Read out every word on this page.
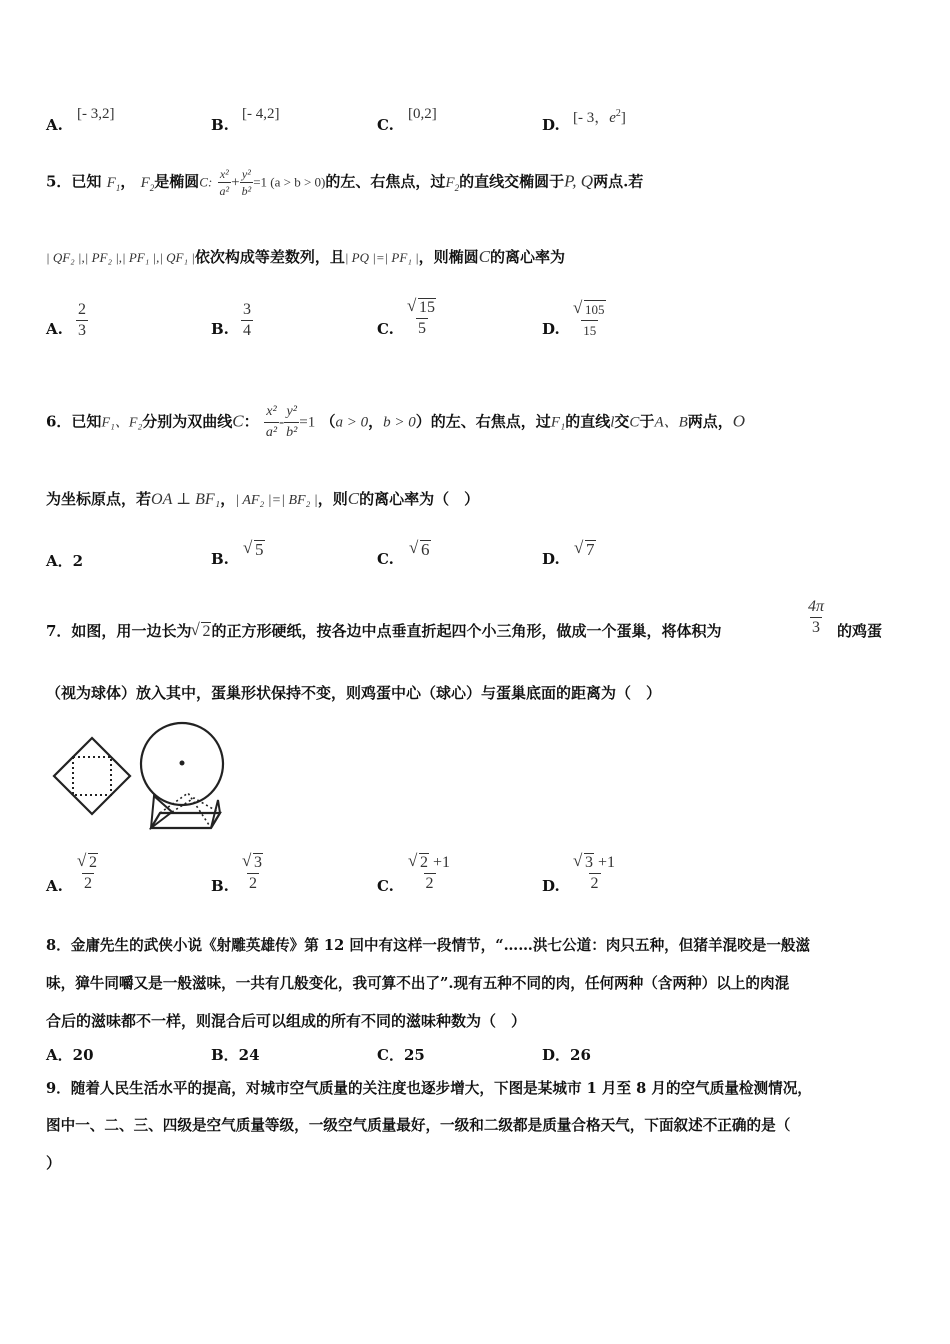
A.
[- 3,2]
B.
[- 4,2]
C.
[0,2]
D. [- 3，$e^2$]
5．已知 $F_1$， $F_2$是椭圆C: $\frac{\text{x²}}{\text{a²}} + \frac{\text{y²}}{\text{b²}} =1$ (a > b > 0)的左、右焦点，过$F_2$的直线交椭圆于P, Q两点.若
| QF₂ |,| PF₂ |,| PF₁ |,| QF₁ |依次构成等差数列，且| PQ |=| PF₁ |，则椭圆C的离心率为
A. $\frac{2}{3}$	B. $\frac{3}{4}$	C. √ $\frac{15}{5}$	D. √ $\frac{105}{15}$
6．已知F₁、F₂分别为双曲线C： $\frac{\text{x²}}{\text{a²}} - \frac{\text{y²}}{\text{b²}} =1$ （a > 0，b > 0）的左、右焦点，过F₁的直线l交C于A、B两点，O
为坐标原点，若OA ⊥ BF₁，| AF₂ |=| BF₂ |，则C的离心率为（　）
A．2	B.	√ 5	C.	√ 6	D.	√ 7
7．如图，用一边长为 √ 2的正方形硬纸，按各边中点垂直折起四个小三角形，做成一个蛋巢，将体积为	$\frac{4\pi}{3}$ 的鸡蛋
（视为球体）放入其中，蛋巢形状保持不变，则鸡蛋中心（球心）与蛋巢底面的距离为（　）
A. √ $\frac{2}{2}$	B. √ $\frac{3}{2}$	C. √ $\frac{2 +1}{2}$	D. √ $\frac{3 +1}{2}$
8．金庸先生的武侠小说《射雕英雄传》第 12 回中有这样一段情节，“……洪七公道：肉只五种，但猪羊混咬是一般滋
味，獐牛同嚼又是一般滋味，一共有几般变化，我可算不出了”.现有五种不同的肉，任何两种（含两种）以上的肉混
合后的滋味都不一样，则混合后可以组成的所有不同的滋味种数为（　）
A．20	B．24	C．25	D．26
9．随着人民生活水平的提高，对城市空气质量的关注度也逐步增大，下图是某城市 1 月至 8 月的空气质量检测情况，
图中一、二、三、四级是空气质量等级，一级空气质量最好，一级和二级都是质量合格天气，下面叙述不正确的是（
）
